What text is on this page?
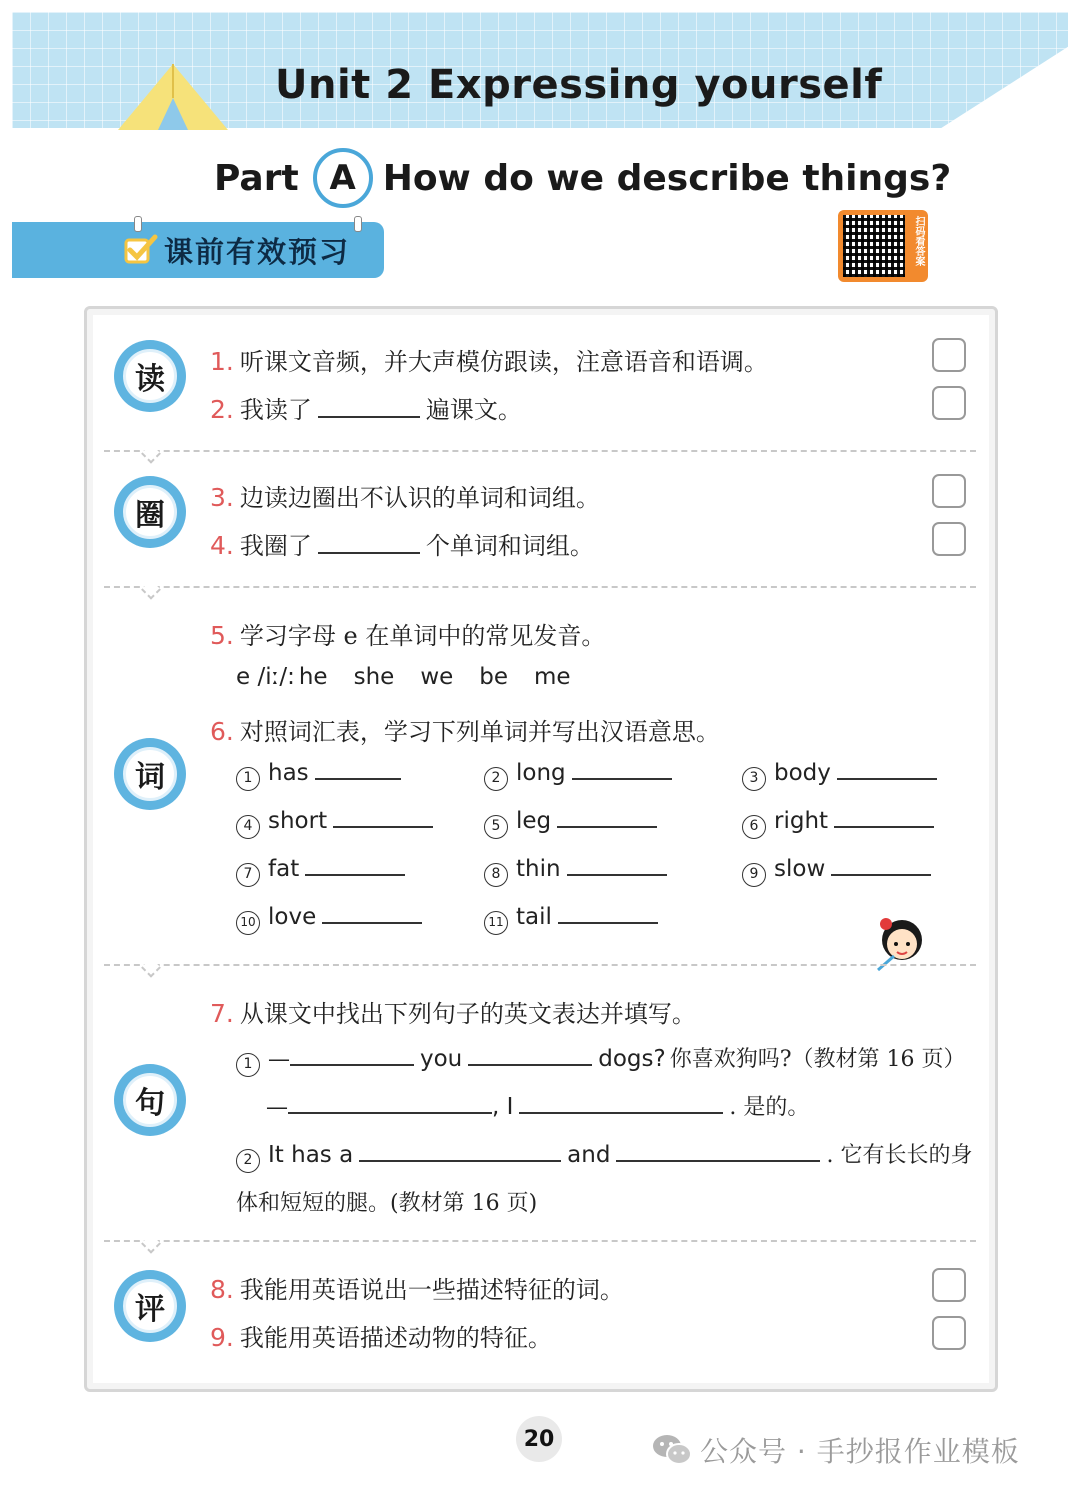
Unit 2 Expressing yourself
Part A How do we describe things?
课前有效预习	扫码看答案
读
1. 听课文音频，并大声模仿跟读，注意语音和语调。
2. 我读了	遍课文。
圈
3. 边读边圈出不认识的单词和词组。
4. 我圈了	个单词和词组。
词
5. 学习字母 e 在单词中的常见发音。
e /iː/: he she we be me
6. 对照词汇表，学习下列单词并写出汉语意思。
1 has	2 long	3 body
4 short	5 leg	6 right
7 fat	8 thin	9 slow
10 love	11 tail
句
7. 从课文中找出下列句子的英文表达并填写。
1 —	you	dogs? 你喜欢狗吗?（教材第 16 页）
—	, I	. 是的。
2 It has a	and	. 它有长长的身
体和短短的腿。(教材第 16 页)
评
8. 我能用英语说出一些描述特征的词。
9. 我能用英语描述动物的特征。
20	公众号 · 手抄报作业模板
